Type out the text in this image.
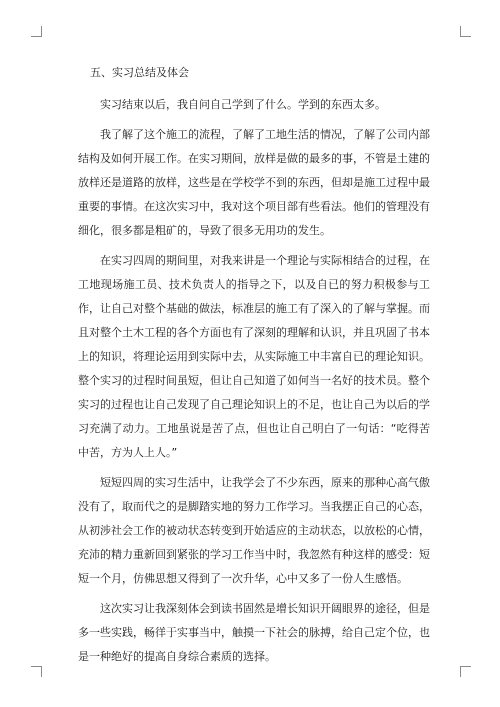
五、实习总结及体会

实习结束以后，我自问自己学到了什么。学到的东西太多。

我了解了这个施工的流程，了解了工地生活的情况，了解了公司内部结构及如何开展工作。在实习期间，放样是做的最多的事，不管是土建的放样还是道路的放样，这些是在学校学不到的东西，但却是施工过程中最重要的事情。在这次实习中，我对这个项目部有些看法。他们的管理没有细化，很多都是粗矿的，导致了很多无用功的发生。

在实习四周的期间里，对我来讲是一个理论与实际相结合的过程，在工地现场施工员、技术负责人的指导之下，以及自已的努力积极参与工作，让自己对整个基础的做法，标准层的施工有了深入的了解与掌握。而且对整个土木工程的各个方面也有了深刻的理解和认识，并且巩固了书本上的知识，将理论运用到实际中去，从实际施工中丰富自已的理论知识。整个实习的过程时间虽短，但让自己知道了如何当一名好的技术员。整个实习的过程也让自己发现了自己理论知识上的不足，也让自己为以后的学习充满了动力。工地虽说是苦了点，但也让自己明白了一句话：“吃得苦中苦，方为人上人。”

短短四周的实习生活中，让我学会了不少东西，原来的那种心高气傲没有了，取而代之的是脚踏实地的努力工作学习。当我摆正自己的心态，从初涉社会工作的被动状态转变到开始适应的主动状态，以放松的心情，充沛的精力重新回到紧张的学习工作当中时，我忽然有种这样的感受：短短一个月，仿佛思想又得到了一次升华，心中又多了一份人生感悟。

这次实习让我深刻体会到读书固然是增长知识开阔眼界的途径，但是多一些实践，畅徉于实事当中，触摸一下社会的脉搏，给自己定个位，也是一种绝好的提高自身综合素质的选择。
